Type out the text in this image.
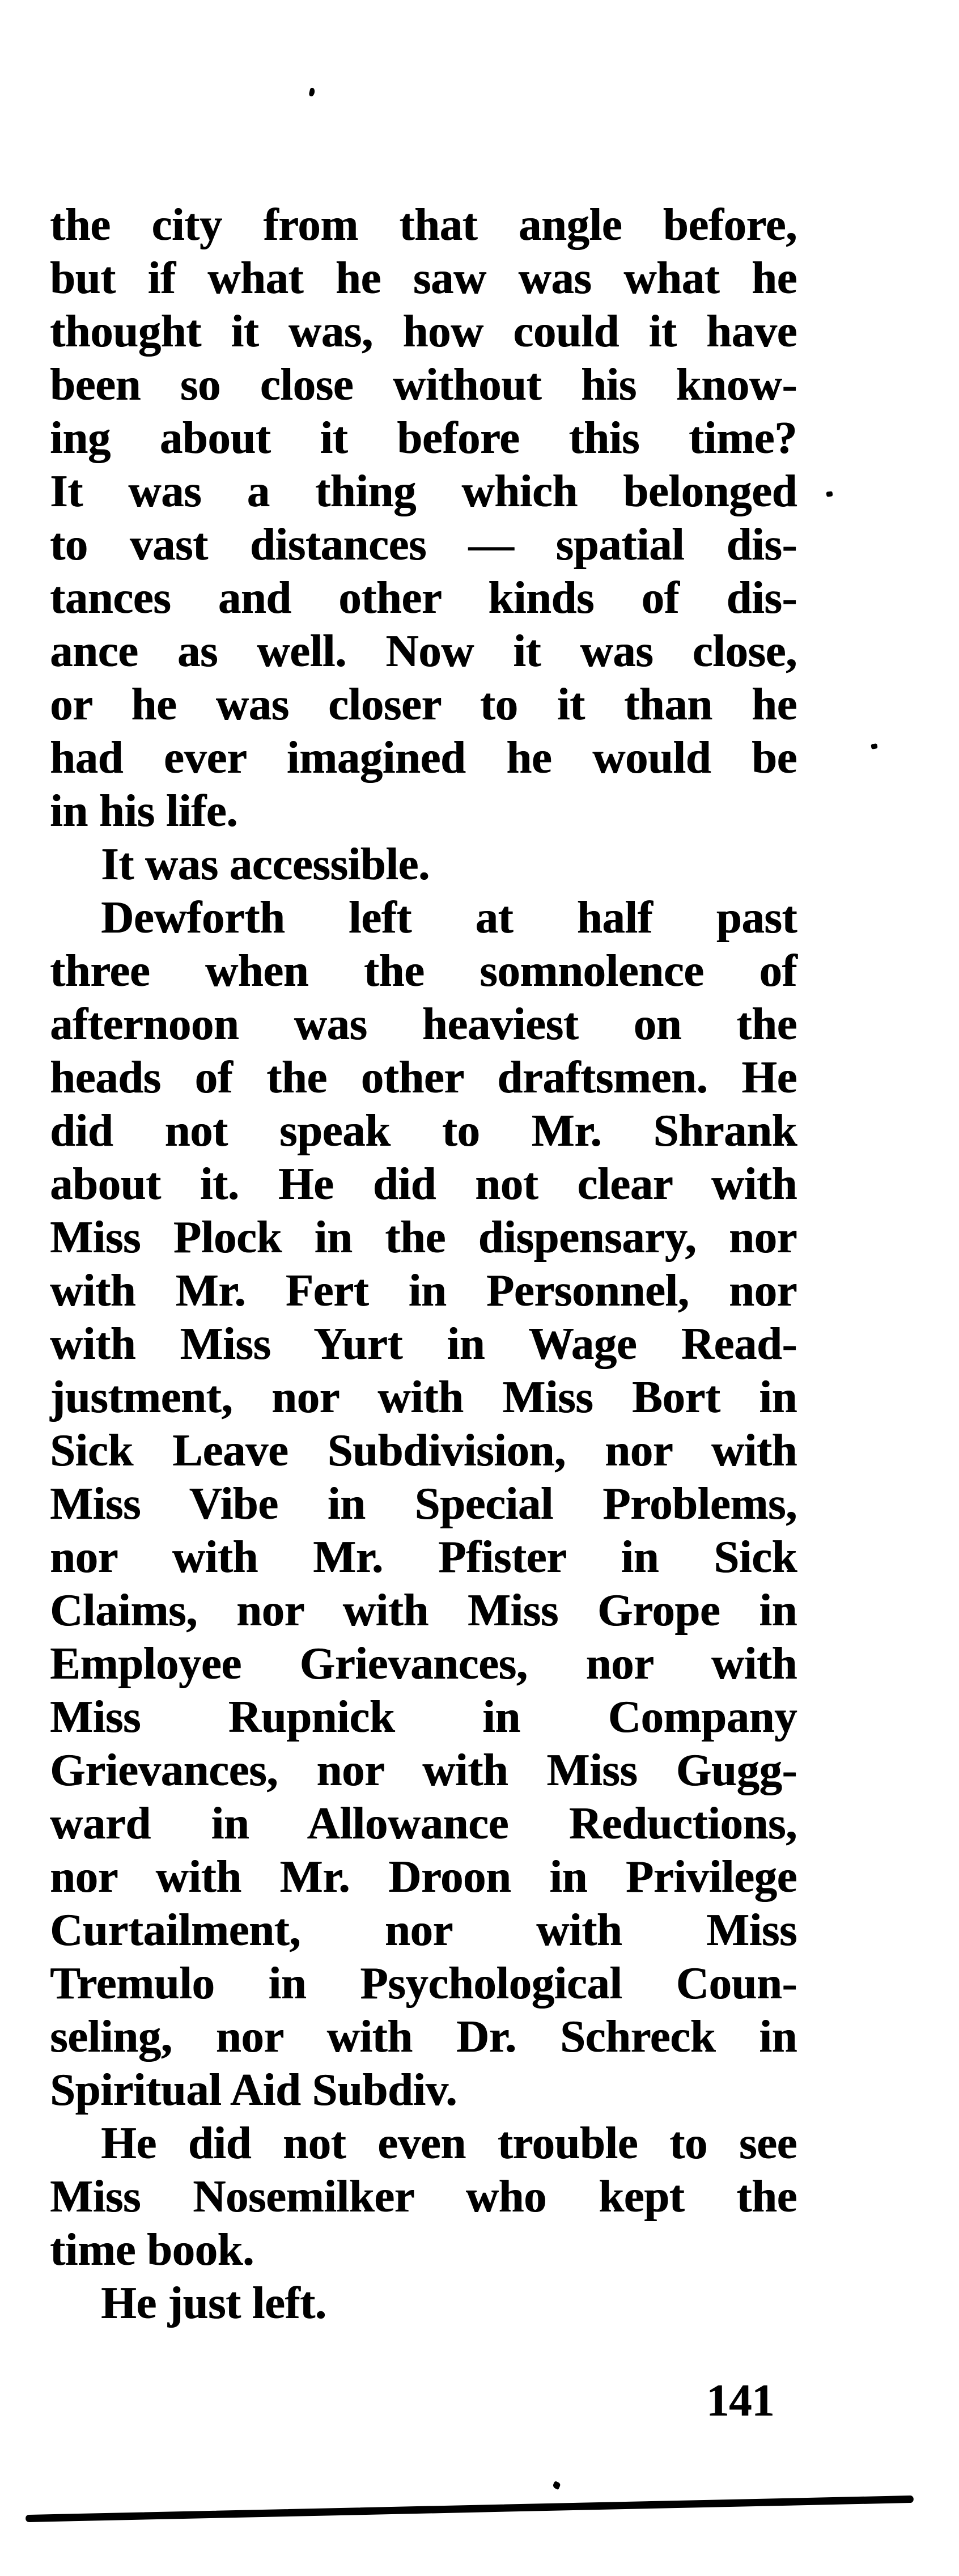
the city from that angle before,
but if what he saw was what he
thought it was, how could it have
been so close without his know-
ing about it before this time?
It was a thing which belonged
to vast distances — spatial dis-
tances and other kinds of dis-
ance as well. Now it was close,
or he was closer to it than he
had ever imagined he would be
in his life.
It was accessible.
Dewforth left at half past
three when the somnolence of
afternoon was heaviest on the
heads of the other draftsmen. He
did not speak to Mr. Shrank
about it. He did not clear with
Miss Plock in the dispensary, nor
with Mr. Fert in Personnel, nor
with Miss Yurt in Wage Read-
justment, nor with Miss Bort in
Sick Leave Subdivision, nor with
Miss Vibe in Special Problems,
nor with Mr. Pfister in Sick
Claims, nor with Miss Grope in
Employee Grievances, nor with
Miss Rupnick in Company
Grievances, nor with Miss Gugg-
ward in Allowance Reductions,
nor with Mr. Droon in Privilege
Curtailment, nor with Miss
Tremulo in Psychological Coun-
seling, nor with Dr. Schreck in
Spiritual Aid Subdiv.
He did not even trouble to see
Miss Nosemilker who kept the
time book.
He just left.
141
